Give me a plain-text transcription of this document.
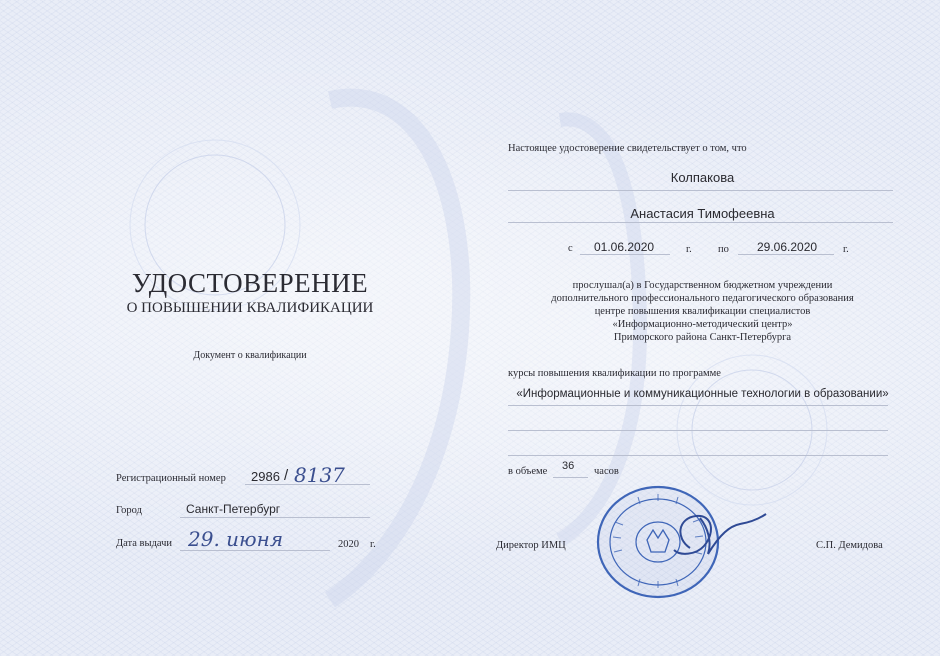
УДОСТОВЕРЕНИЕ
О ПОВЫШЕНИИ КВАЛИФИКАЦИИ
Документ о квалификации
Регистрационный номер 2986 / 8137
Город	Санкт-Петербург
Дата выдачи 29. июня	2020 г.
Настоящее удостоверение свидетельствует о том, что
Колпакова
Анастасия Тимофеевна
с 01.06.2020	г.	по 29.06.2020 г.
прослушал(а) в Государственном бюджетном учреждении
дополнительного профессионального педагогического образования
центре повышения квалификации специалистов
«Информационно-методический центр»
Приморского района Санкт-Петербурга
курсы повышения квалификации по программе
«Информационные и коммуникационные технологии в образовании»
в объеме 36 часов
Директор ИМЦ	С.П. Демидова
